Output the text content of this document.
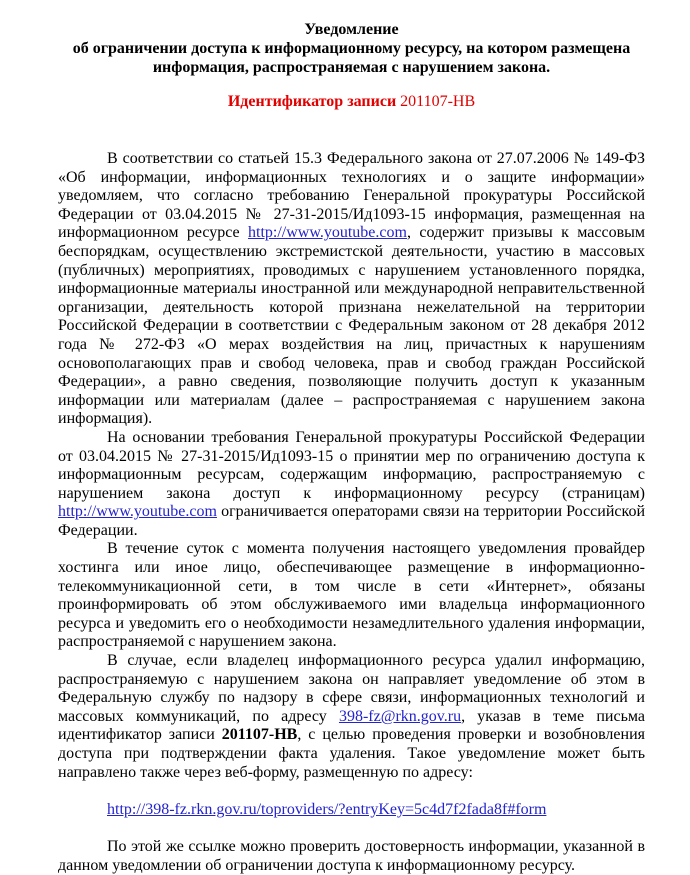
Уведомление
об ограничении доступа к информационному ресурсу, на котором размещена
информация, распространяемая с нарушением закона.
Идентификатор записи 201107-НВ

В соответствии со статьей 15.3 Федерального закона от 27.07.2006 № 149-ФЗ «Об информации, информационных технологиях и о защите информации» уведомляем, что согласно требованию Генеральной прокуратуры Российской Федерации от 03.04.2015 № 27-31-2015/Ид1093-15 информация, размещенная на информационном ресурсе http://www.youtube.com, содержит призывы к массовым беспорядкам, осуществлению экстремистской деятельности, участию в массовых (публичных) мероприятиях, проводимых с нарушением установленного порядка, информационные материалы иностранной или международной неправительственной организации, деятельность которой признана нежелательной на территории Российской Федерации в соответствии с Федеральным законом от 28 декабря 2012 года № 272-ФЗ «О мерах воздействия на лиц, причастных к нарушениям основополагающих прав и свобод человека, прав и свобод граждан Российской Федерации», а равно сведения, позволяющие получить доступ к указанным информации или материалам (далее – распространяемая с нарушением закона информация).

На основании требования Генеральной прокуратуры Российской Федерации от 03.04.2015 № 27-31-2015/Ид1093-15 о принятии мер по ограничению доступа к информационным ресурсам, содержащим информацию, распространяемую с нарушением закона доступ к информационному ресурсу (страницам) http://www.youtube.com ограничивается операторами связи на территории Российской Федерации.

В течение суток с момента получения настоящего уведомления провайдер хостинга или иное лицо, обеспечивающее размещение в информационно-телекоммуникационной сети, в том числе в сети «Интернет», обязаны проинформировать об этом обслуживаемого ими владельца информационного ресурса и уведомить его о необходимости незамедлительного удаления информации, распространяемой с нарушением закона.

В случае, если владелец информационного ресурса удалил информацию, распространяемую с нарушением закона он направляет уведомление об этом в Федеральную службу по надзору в сфере связи, информационных технологий и массовых коммуникаций, по адресу 398-fz@rkn.gov.ru, указав в теме письма идентификатор записи 201107-НВ, с целью проведения проверки и возобновления доступа при подтверждении факта удаления. Такое уведомление может быть направлено также через веб-форму, размещенную по адресу:

http://398-fz.rkn.gov.ru/toproviders/?entryKey=5c4d7f2fada8f#form

По этой же ссылке можно проверить достоверность информации, указанной в данном уведомлении об ограничении доступа к информационному ресурсу.
